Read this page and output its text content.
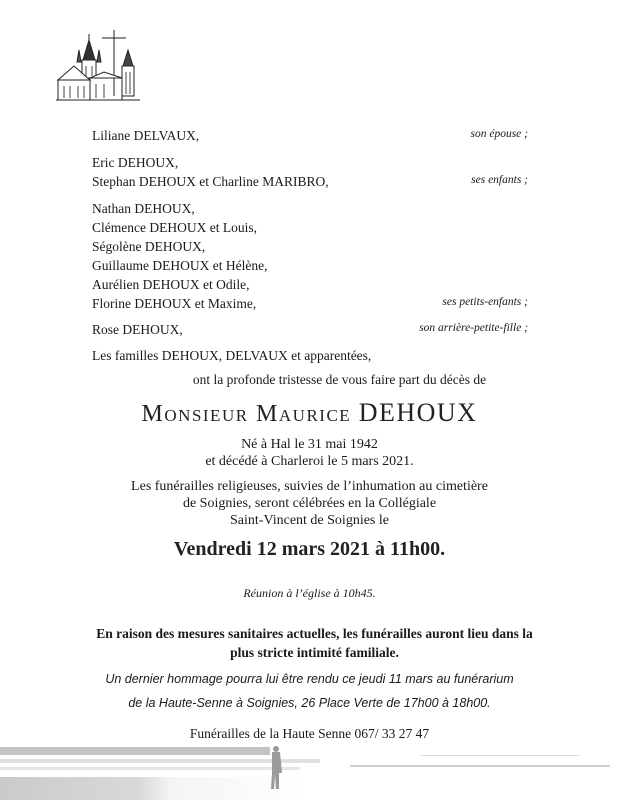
Liliane DELVAUX,	son épouse ;
Eric DEHOUX,
Stephan DEHOUX et Charline MARIBRO,	ses enfants ;
Nathan DEHOUX,
Clémence DEHOUX et Louis,
Ségolène DEHOUX,
Guillaume DEHOUX et Hélène,
Aurélien DEHOUX et Odile,
Florine DEHOUX et Maxime,	ses petits-enfants ;
Rose DEHOUX,	son arrière-petite-fille ;
Les familles DEHOUX, DELVAUX et apparentées,
ont la profonde tristesse de vous faire part du décès de
Monsieur Maurice DEHOUX
Né à Hal le 31 mai 1942
et décédé à Charleroi le 5 mars 2021.
Les funérailles religieuses, suivies de l’inhumation au cimetière
de Soignies, seront célébrées en la Collégiale
Saint-Vincent de Soignies le
Vendredi 12 mars 2021 à 11h00.
Réunion à l’église à 10h45.
En raison des mesures sanitaires actuelles, les funérailles auront lieu dans la
plus stricte intimité familiale.
Un dernier hommage pourra lui être rendu ce jeudi 11 mars au funérarium
de la Haute-Senne à Soignies, 26 Place Verte de 17h00 à 18h00.
Funérailles de la Haute Senne 067/ 33 27 47
